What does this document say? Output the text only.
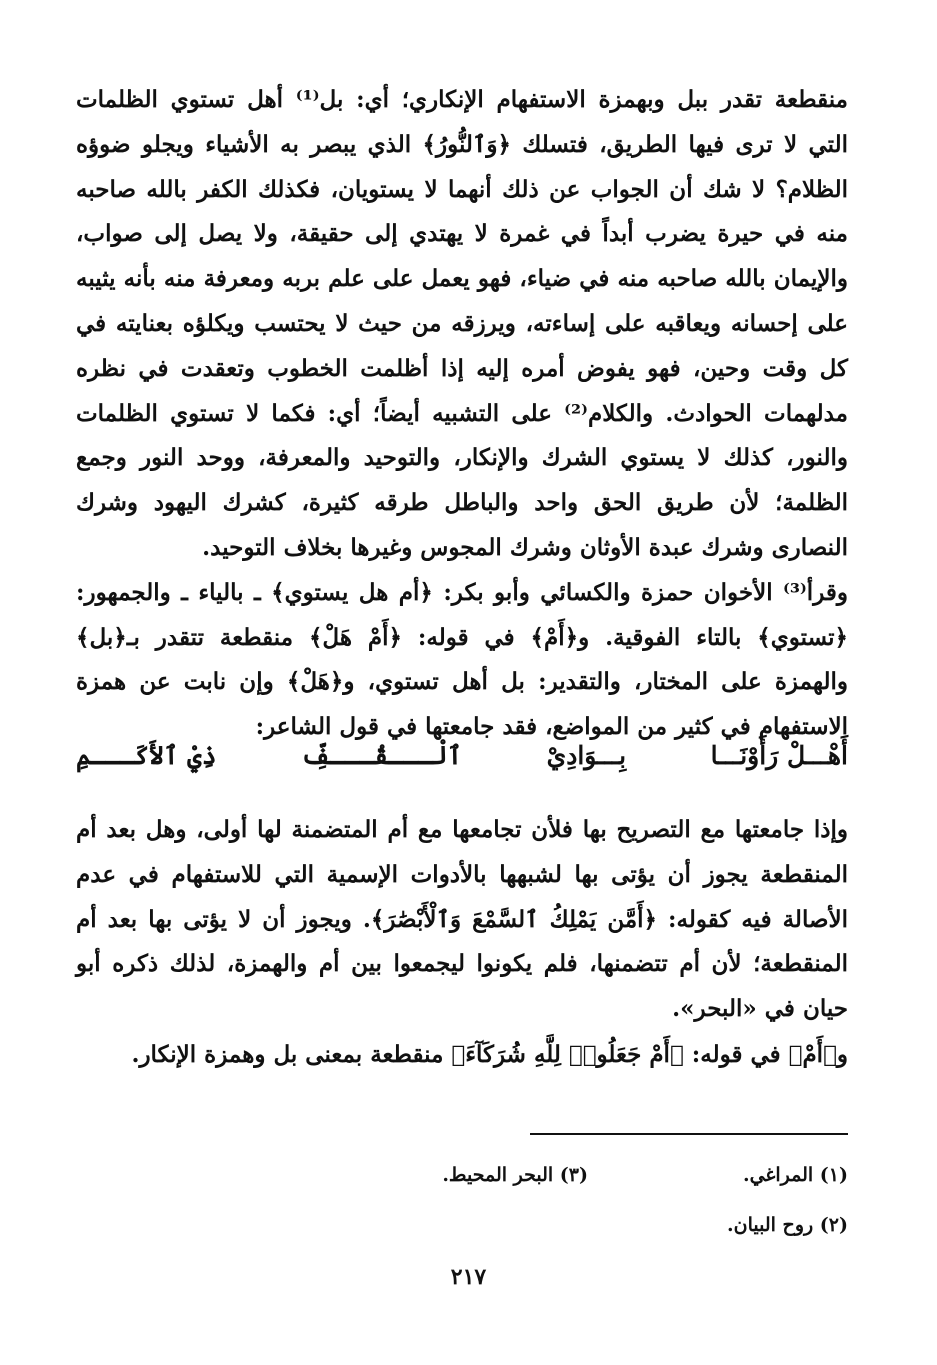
منقطعة تقدر ببل وبهمزة الاستفهام الإنكاري؛ أي: بل⁽¹⁾ أهل تستوي الظلمات التي لا ترى فيها الطريق، فتسلك ﴿وَٱلنُّورُ﴾ الذي يبصر به الأشياء ويجلو ضوؤه الظلام؟ لا شك أن الجواب عن ذلك أنهما لا يستويان، فكذلك الكفر بالله صاحبه منه في حيرة يضرب أبداً في غمرة لا يهتدي إلى حقيقة، ولا يصل إلى صواب، والإيمان بالله صاحبه منه في ضياء، فهو يعمل على علم بربه ومعرفة منه بأنه يثيبه على إحسانه ويعاقبه على إساءته، ويرزقه من حيث لا يحتسب ويكلؤه بعنايته في كل وقت وحين، فهو يفوض أمره إليه إذا أظلمت الخطوب وتعقدت في نظره مدلهمات الحوادث. والكلام⁽²⁾ على التشبيه أيضاً؛ أي: فكما لا تستوي الظلمات والنور، كذلك لا يستوي الشرك والإنكار، والتوحيد والمعرفة، ووحد النور وجمع الظلمة؛ لأن طريق الحق واحد والباطل طرقه كثيرة، كشرك اليهود وشرك النصارى وشرك عبدة الأوثان وشرك المجوس وغيرها بخلاف التوحيد.

وقرأ⁽³⁾ الأخوان حمزة والكسائي وأبو بكر: ﴿أم هل يستوي﴾ ـ بالياء ـ والجمهور: ﴿تستوي﴾ بالتاء الفوقية. و﴿أَمْ﴾ في قوله: ﴿أَمْ هَلْ﴾ منقطعة تتقدر بـ﴿بل﴾ والهمزة على المختار، والتقدير: بل أهل تستوي، و﴿هَلْ﴾ وإن نابت عن همزة الاستفهام في كثير من المواضع، فقد جامعتها في قول الشاعر:

أَهْـــلْ رَأَوْنَـــا
بِـــوَادِيْ
ٱلْـــقُـــفِّ
ذِيْ ٱلأَكَـــمِ

وإذا جامعتها مع التصريح بها فلأن تجامعها مع أم المتضمنة لها أولى، وهل بعد أم المنقطعة يجوز أن يؤتى بها لشبهها بالأدوات الإسمية التي للاستفهام في عدم الأصالة فيه كقوله: ﴿أَمَّن يَمْلِكُ ٱلسَّمْعَ وَٱلْأَبْصَٰرَ﴾. ويجوز أن لا يؤتى بها بعد أم المنقطعة؛ لأن أم تتضمنها، فلم يكونوا ليجمعوا بين أم والهمزة، لذلك ذكره أبو حيان في «البحر».

و﴿أَمْ﴾ في قوله: ﴿أَمْ جَعَلُوا۟ لِلَّهِ شُرَكَآءَ﴾ منقطعة بمعنى بل وهمزة الإنكار.

(١) المراغي.
(٣) البحر المحيط.
(٢) روح البيان.
٢١٧
